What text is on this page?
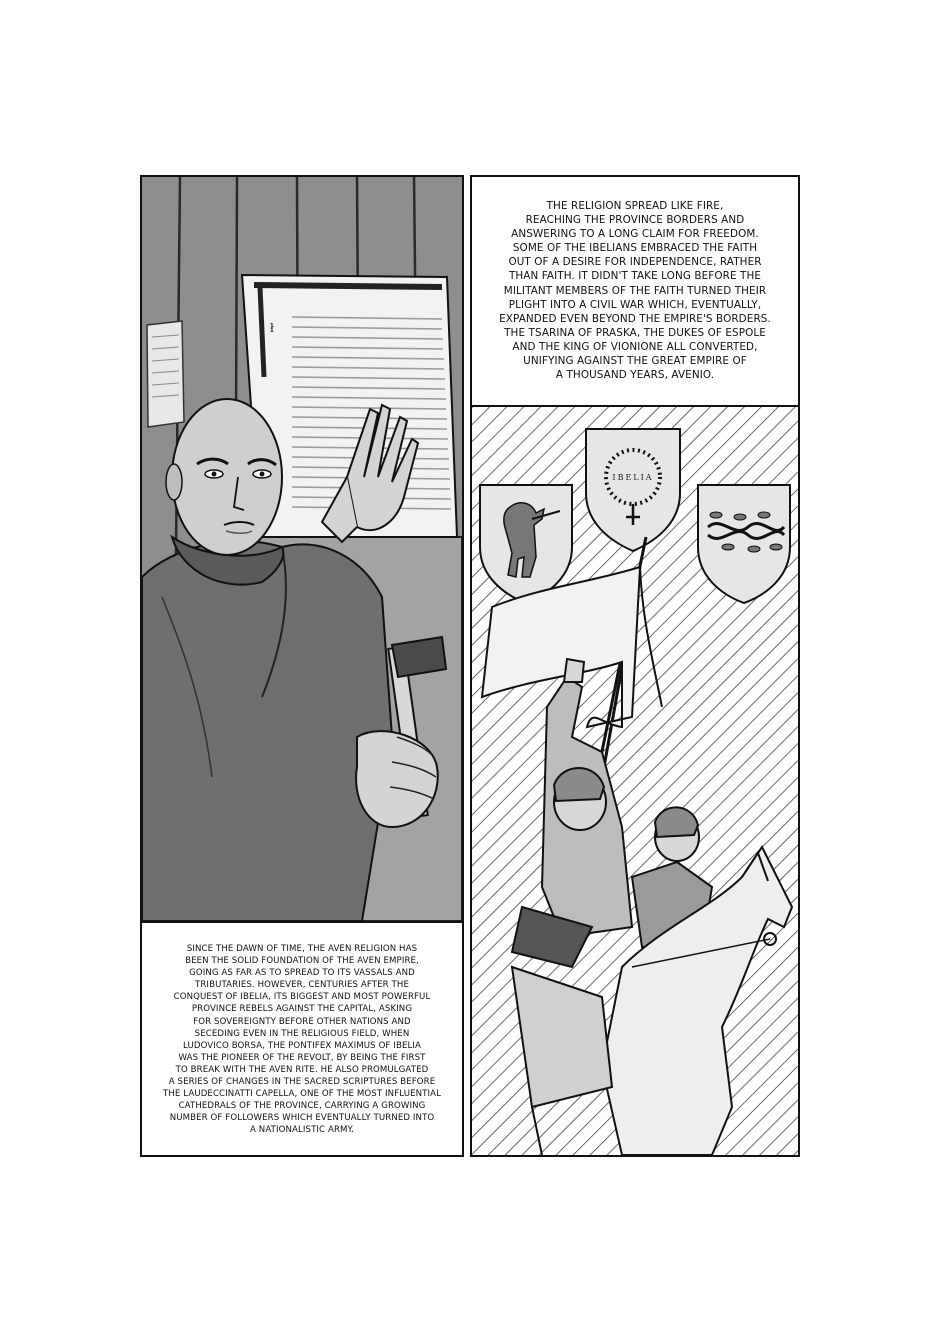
ł
SINCE THE DAWN OF TIME, THE AVEN RELIGION HAS
BEEN THE SOLID FOUNDATION OF THE AVEN EMPIRE,
GOING AS FAR AS TO SPREAD TO ITS VASSALS AND
TRIBUTARIES. HOWEVER, CENTURIES AFTER THE
CONQUEST OF IBELIA, ITS BIGGEST AND MOST POWERFUL
PROVINCE REBELS AGAINST THE CAPITAL, ASKING
FOR SOVEREIGNTY BEFORE OTHER NATIONS AND
SECEDING EVEN IN THE RELIGIOUS FIELD, WHEN
LUDOVICO BORSA, THE PONTIFEX MAXIMUS OF IBELIA
WAS THE PIONEER OF THE REVOLT, BY BEING THE FIRST
TO BREAK WITH THE AVEN RITE. HE ALSO PROMULGATED
A SERIES OF CHANGES IN THE SACRED SCRIPTURES BEFORE
THE LAUDECCINATTI CAPELLA, ONE OF THE MOST INFLUENTIAL
CATHEDRALS OF THE PROVINCE, CARRYING A GROWING
NUMBER OF FOLLOWERS WHICH EVENTUALLY TURNED INTO
A NATIONALISTIC ARMY.
THE RELIGION SPREAD LIKE FIRE,
REACHING THE PROVINCE BORDERS AND
ANSWERING TO A LONG CLAIM FOR FREEDOM.
SOME OF THE IBELIANS EMBRACED THE FAITH
OUT OF A DESIRE FOR INDEPENDENCE, RATHER
THAN FAITH. IT DIDN'T TAKE LONG BEFORE THE
MILITANT MEMBERS OF THE FAITH TURNED THEIR
PLIGHT INTO A CIVIL WAR WHICH, EVENTUALLY,
EXPANDED EVEN BEYOND THE EMPIRE'S BORDERS.
THE TSARINA OF PRASKA, THE DUKES OF ESPOLE
AND THE KING OF VIONIONE ALL CONVERTED,
UNIFYING AGAINST THE GREAT EMPIRE OF
A THOUSAND YEARS, AVENIO.
IBELIA
